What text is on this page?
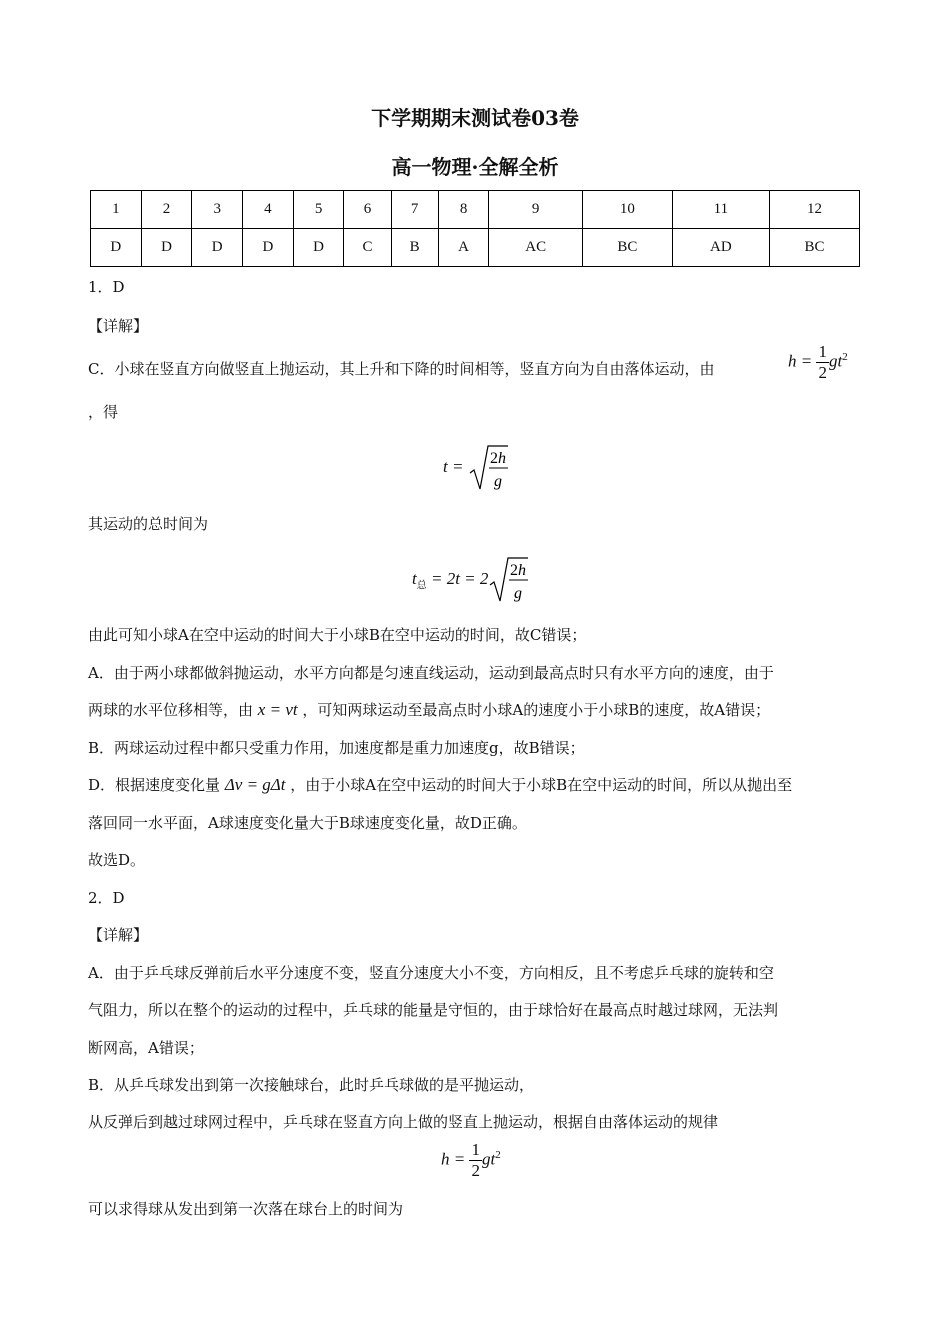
下学期期末测试卷03卷
高一物理·全解全析
1	2	3	4	5	6	7	8	9	10	11	12
D	D	D	D	D	C	B	A	AC	BC	AD	BC
1．D
【详解】
C．小球在竖直方向做竖直上抛运动，其上升和下降的时间相等，竖直方向为自由落体运动，由	$h = \frac{1}{2} gt^2$
，得
t = 2 h
g
其运动的总时间为
$t_总 = 2t = 2$ 2 h
g
由此可知小球A在空中运动的时间大于小球B在空中运动的时间，故C错误；
A．由于两小球都做斜抛运动，水平方向都是匀速直线运动，运动到最高点时只有水平方向的速度，由于
两球的水平位移相等，由 x = vt ，可知两球运动至最高点时小球A的速度小于小球B的速度，故A错误；
B．两球运动过程中都只受重力作用，加速度都是重力加速度g，故B错误；
D．根据速度变化量 Δv = gΔt ，由于小球A在空中运动的时间大于小球B在空中运动的时间，所以从抛出至
落回同一水平面，A球速度变化量大于B球速度变化量，故D正确。
故选D。
2．D
【详解】
A．由于乒乓球反弹前后水平分速度不变，竖直分速度大小不变，方向相反，且不考虑乒乓球的旋转和空
气阻力，所以在整个的运动的过程中，乒乓球的能量是守恒的，由于球恰好在最高点时越过球网，无法判
断网高，A错误；
B．从乒乓球发出到第一次接触球台，此时乒乓球做的是平抛运动，
从反弹后到越过球网过程中，乒乓球在竖直方向上做的竖直上抛运动，根据自由落体运动的规律
$h = \frac{1}{2} gt^2$
可以求得球从发出到第一次落在球台上的时间为
